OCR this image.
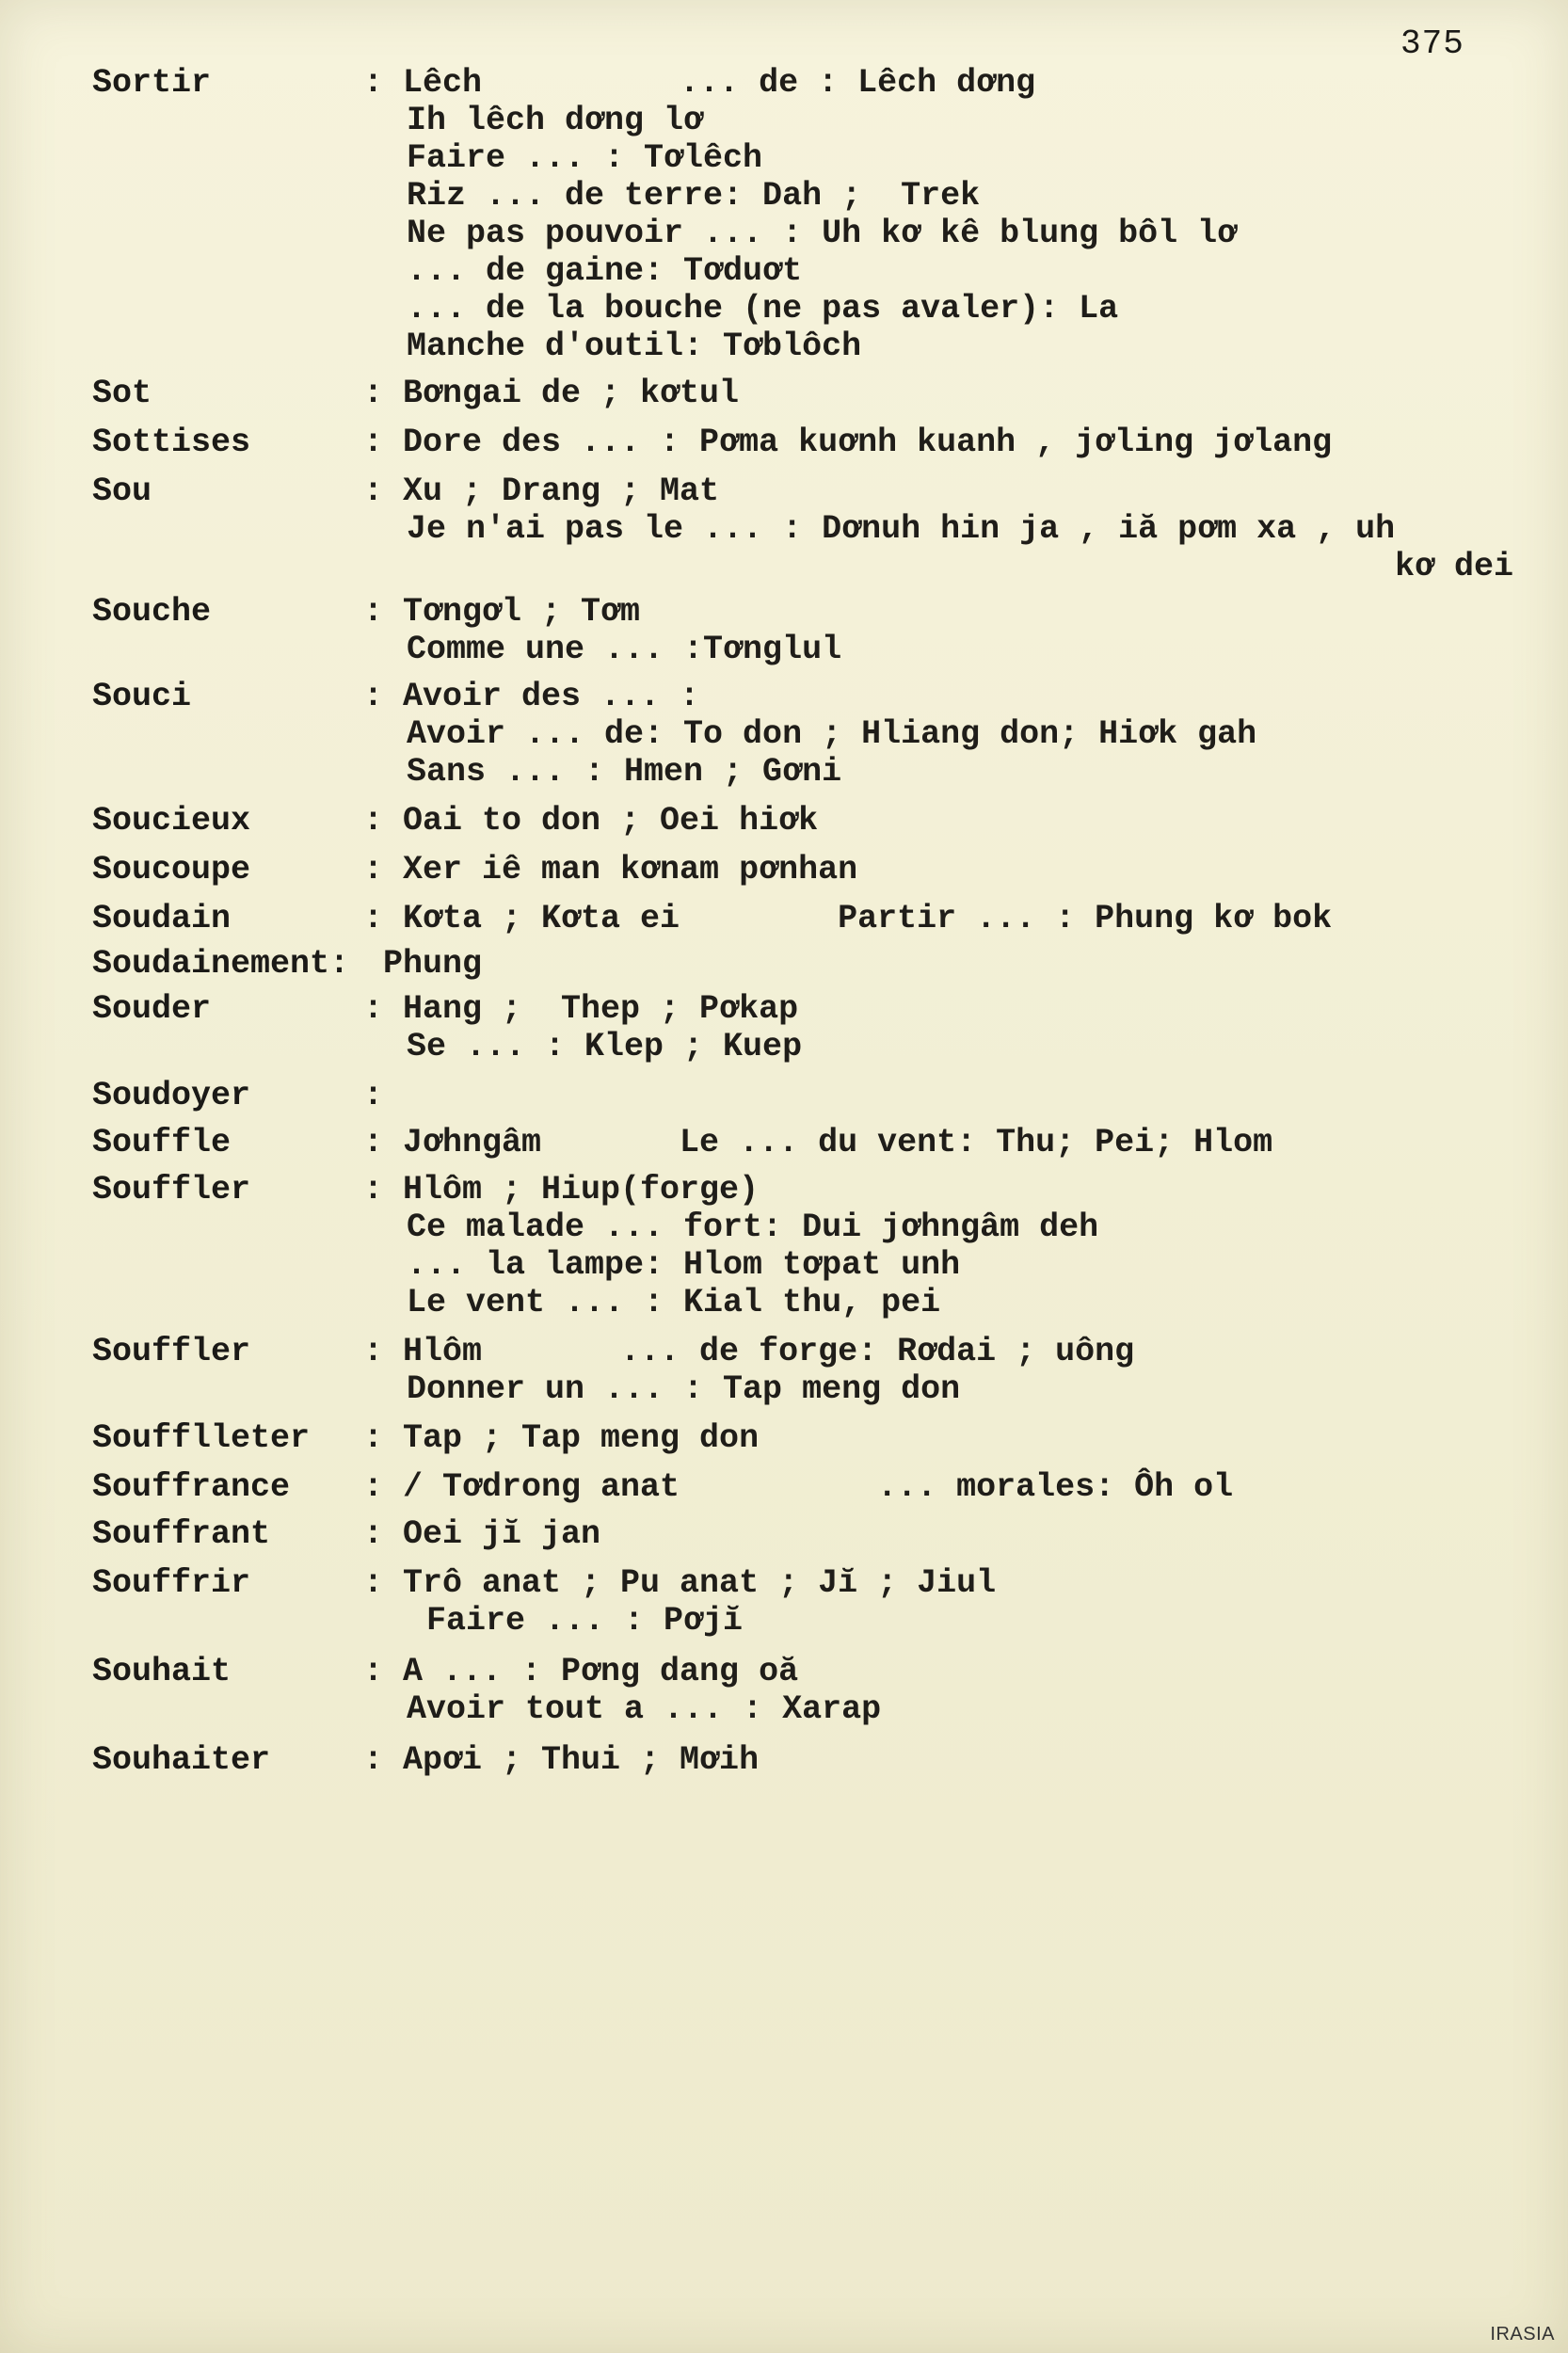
375
Sortir	: Lêch          ... de : Lêch dơng
Ih lêch dơng lơ
Faire ... : Tơlêch
Riz ... de terre: Dah ;  Trek
Ne pas pouvoir ... : Uh kơ kê blung bôl lơ
... de gaine: Tơduơt
... de la bouche (ne pas avaler): La
Manche d'outil: Tơblôch
Sot	: Bơngai de ; kơtul
Sottises	: Dore des ... : Pơma kuơnh kuanh , jơling jơlang
Sou	: Xu ; Drang ; Mat
Je n'ai pas le ... : Dơnuh hin ja , iă pơm xa , uh
kơ dei
Souche	: Tơngơl ; Tơm
Comme une ... :Tơnglul
Souci	: Avoir des ... :
Avoir ... de: To don ; Hliang don; Hiơk gah
Sans ... : Hmen ; Gơni
Soucieux	: Oai to don ; Oei hiơk
Soucoupe	: Xer iê man kơnam pơnhan
Soudain	: Kơta ; Kơta ei        Partir ... : Phung kơ bok
Soudainement: Phung
Souder	: Hang ;  Thep ; Pơkap
Se ... : Klep ; Kuep
Soudoyer	:
Souffle	: Jơhngâm       Le ... du vent: Thu; Pei; Hlom
Souffler	: Hlôm ; Hiup(forge)
Ce malade ... fort: Dui jơhngâm deh
... la lampe: Hlom tơpat unh
Le vent ... : Kial thu, pei
Souffler	: Hlôm       ... de forge: Rơdai ; uông
Donner un ... : Tap meng don
Soufflleter	: Tap ; Tap meng don
Souffrance	: / Tơdrong anat          ... morales: Ôh ol
Souffrant	: Oei jĭ jan
Souffrir	: Trô anat ; Pu anat ; Jĭ ; Jiul
Faire ... : Pơjĭ
Souhait	: A ... : Pơng dang oă
Avoir tout a ... : Xarap
Souhaiter	: Apơi ; Thui ; Mơih
IRASIA
